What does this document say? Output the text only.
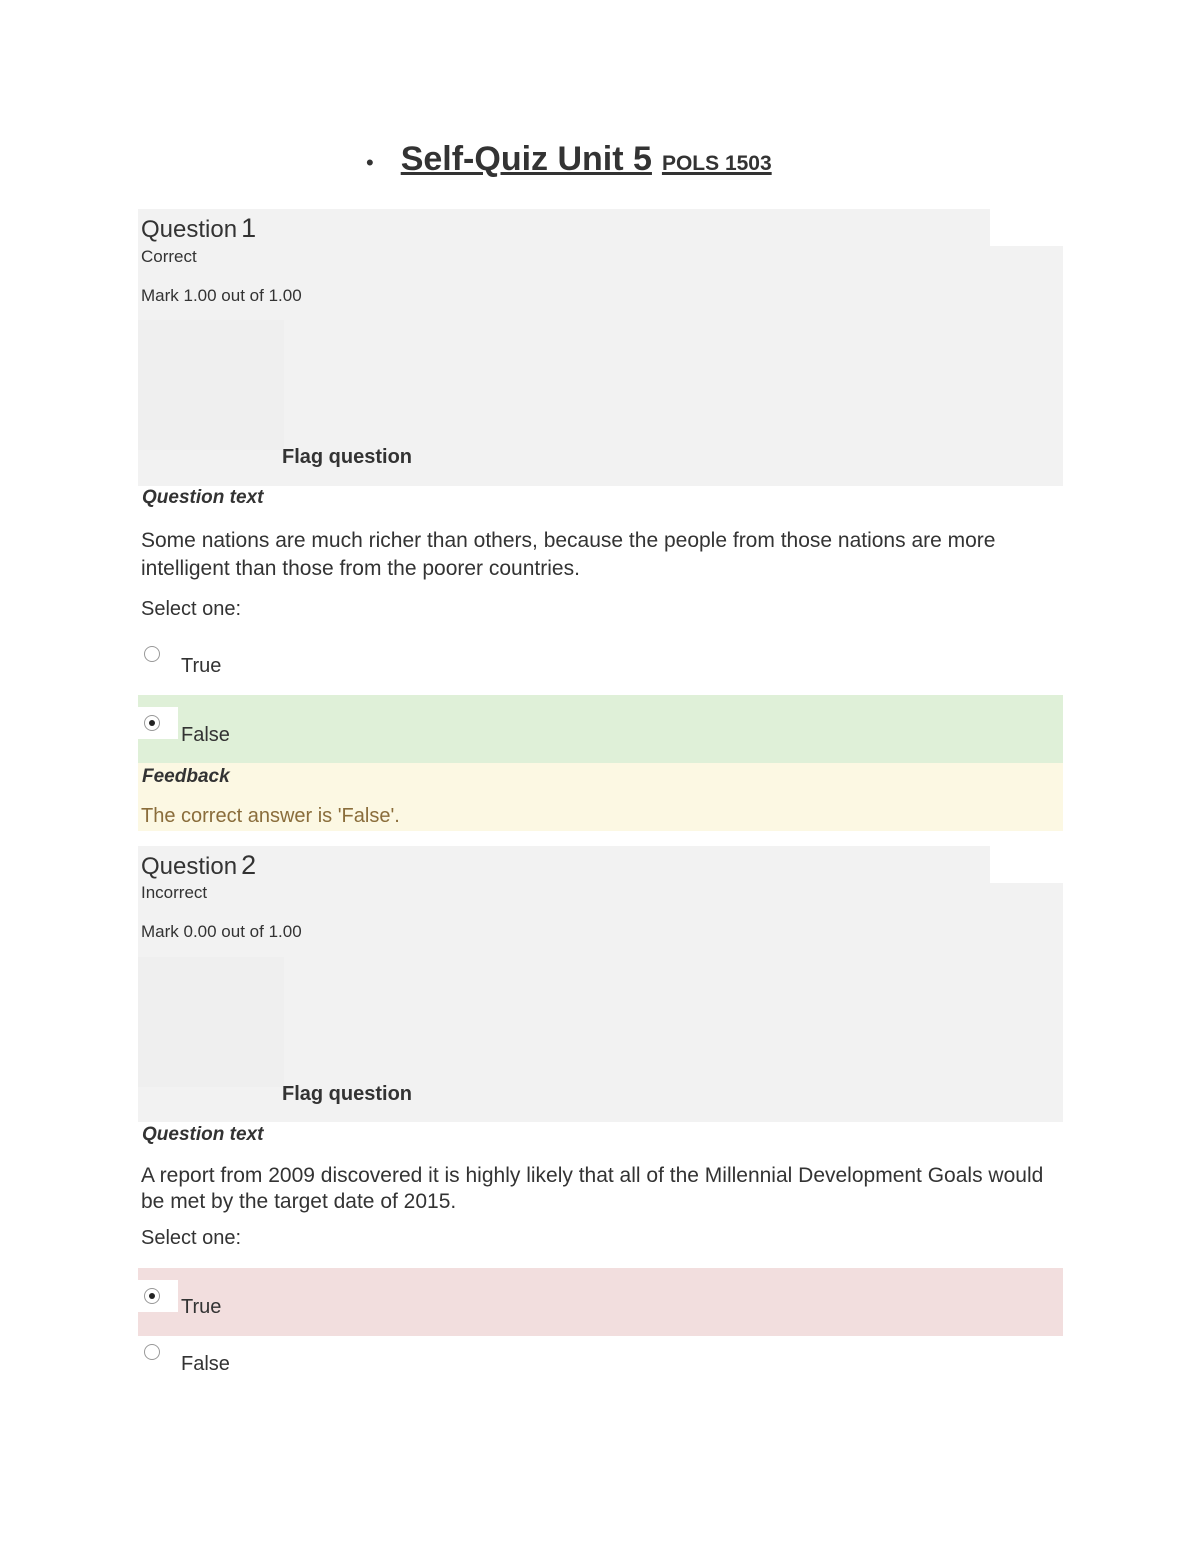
• Self-Quiz Unit 5 POLS 1503
Question 1
Correct
Mark 1.00 out of 1.00
Flag question
Question text
Some nations are much richer than others, because the people from those nations are more intelligent than those from the poorer countries.
Select one:
True
False
Feedback
The correct answer is 'False'.
Question 2
Incorrect
Mark 0.00 out of 1.00
Flag question
Question text
A report from 2009 discovered it is highly likely that all of the Millennial Development Goals would be met by the target date of 2015.
Select one:
True
False
